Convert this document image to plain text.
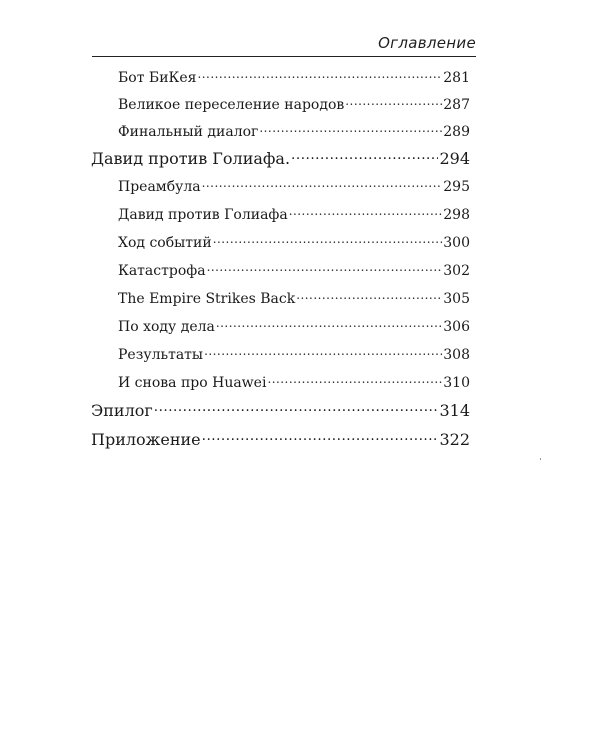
Оглавление
Бот БиКея .....	281
Великое переселение народов .....	287
Финальный диалог .....	289
Давид против Голиафа. .....	294
Преамбула .....	295
Давид против Голиафа .....	298
Ход событий .....	300
Катастрофа .....	302
The Empire Strikes Back .....	305
По ходу дела .....	306
Результаты .....	308
И снова про Huawei .....	310
Эпилог .....	314
Приложение .....	322
